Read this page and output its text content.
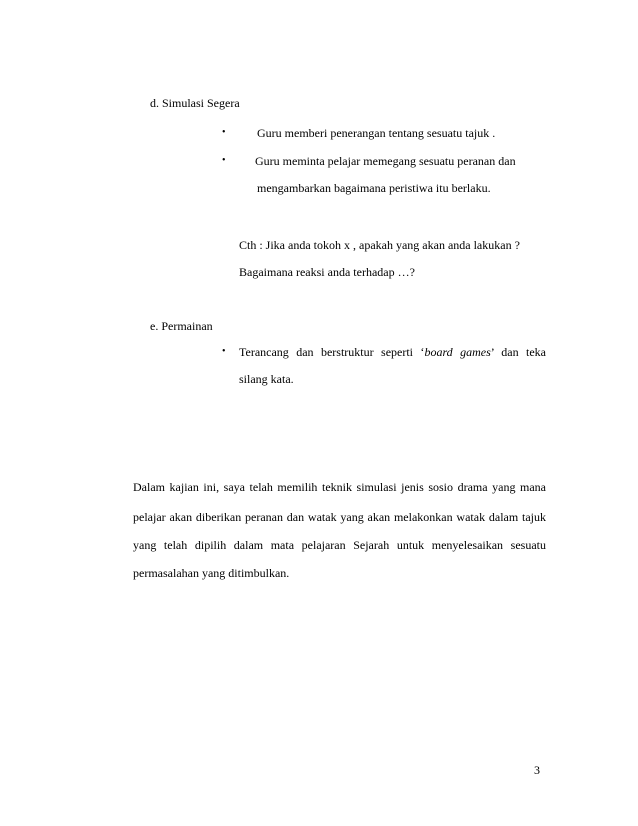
d. Simulasi Segera
•	Guru memberi penerangan tentang sesuatu tajuk .
• Guru meminta pelajar memegang sesuatu peranan dan
mengambarkan bagaimana peristiwa itu berlaku.
Cth : Jika anda tokoh x , apakah yang akan anda lakukan ?
Bagaimana reaksi anda terhadap …?
e. Permainan
• Terancang dan berstruktur seperti ‘board games’ dan teka
silang kata.
Dalam kajian ini, saya telah memilih teknik simulasi jenis sosio drama yang mana
pelajar akan diberikan peranan dan watak yang akan melakonkan watak dalam tajuk
yang telah dipilih dalam mata pelajaran Sejarah untuk menyelesaikan sesuatu
permasalahan yang ditimbulkan.
3
